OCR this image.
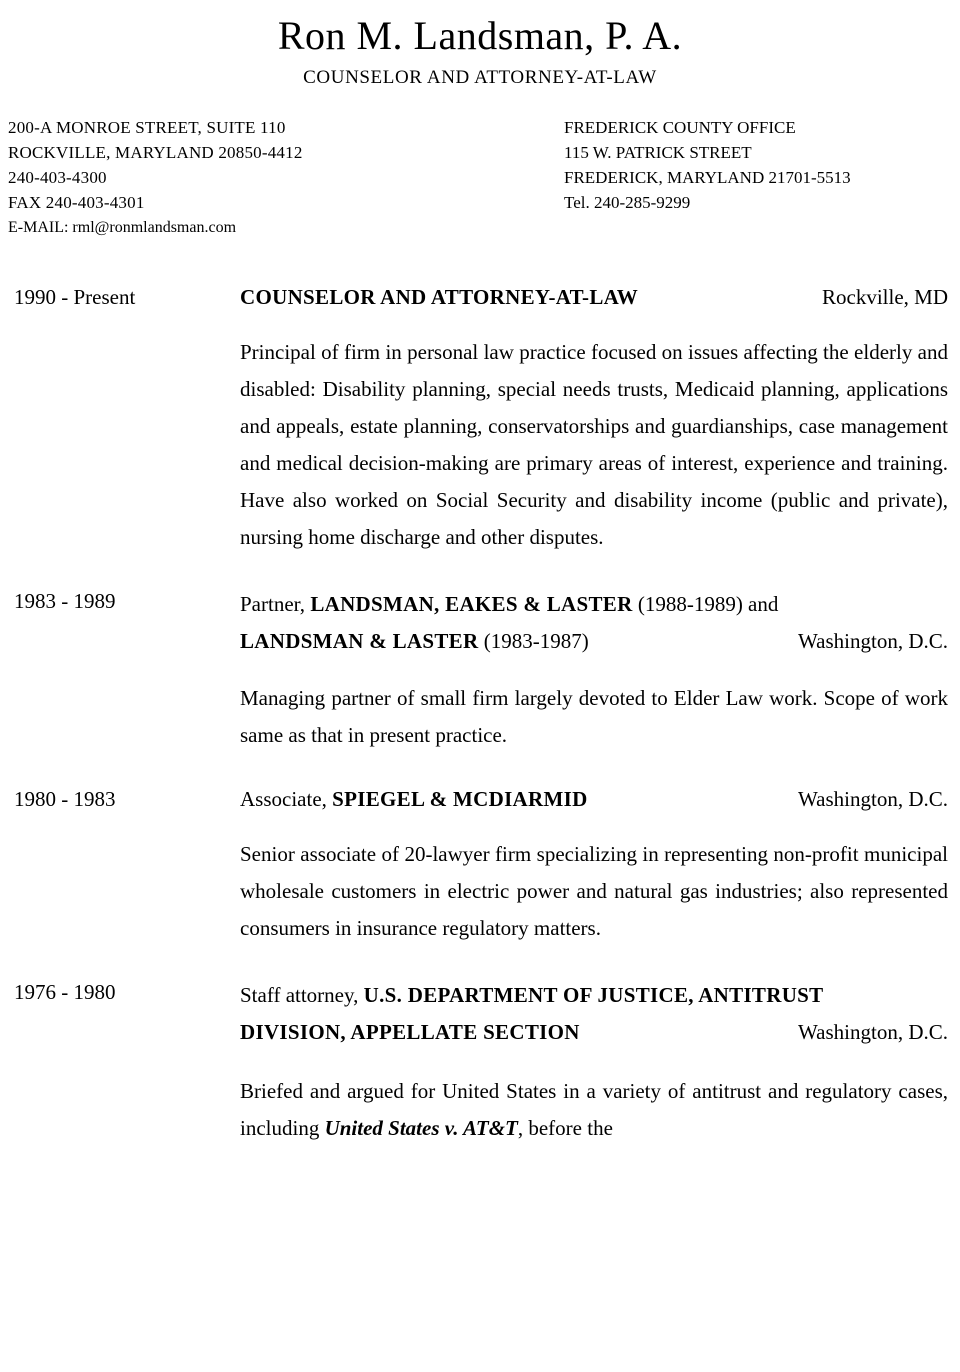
Ron M. Landsman, P. A.
COUNSELOR AND ATTORNEY-AT-LAW
200-A MONROE STREET, SUITE 110
ROCKVILLE, MARYLAND 20850-4412
240-403-4300
FAX 240-403-4301
E-MAIL: rml@ronmlandsman.com
FREDERICK COUNTY OFFICE
115 W. PATRICK STREET
FREDERICK, MARYLAND 21701-5513
Tel. 240-285-9299
1990 - Present	COUNSELOR AND ATTORNEY-AT-LAW	Rockville, MD
Principal of firm in personal law practice focused on issues affecting the elderly and disabled: Disability planning, special needs trusts, Medicaid planning, applications and appeals, estate planning, conservatorships and guardianships, case management and medical decision-making are primary areas of interest, experience and training. Have also worked on Social Security and disability income (public and private), nursing home discharge and other disputes.
1983 - 1989	Partner, LANDSMAN, EAKES & LASTER (1988-1989) and
LANDSMAN & LASTER (1983-1987)	Washington, D.C.
Managing partner of small firm largely devoted to Elder Law work. Scope of work same as that in present practice.
1980 - 1983	Associate, SPIEGEL & MCDIARMID	Washington, D.C.
Senior associate of 20-lawyer firm specializing in representing non-profit municipal wholesale customers in electric power and natural gas industries; also represented consumers in insurance regulatory matters.
1976 - 1980	Staff attorney, U.S. DEPARTMENT OF JUSTICE, ANTITRUST
DIVISION, APPELLATE SECTION	Washington, D.C.
Briefed and argued for United States in a variety of antitrust and regulatory cases, including United States v. AT&T, before the
